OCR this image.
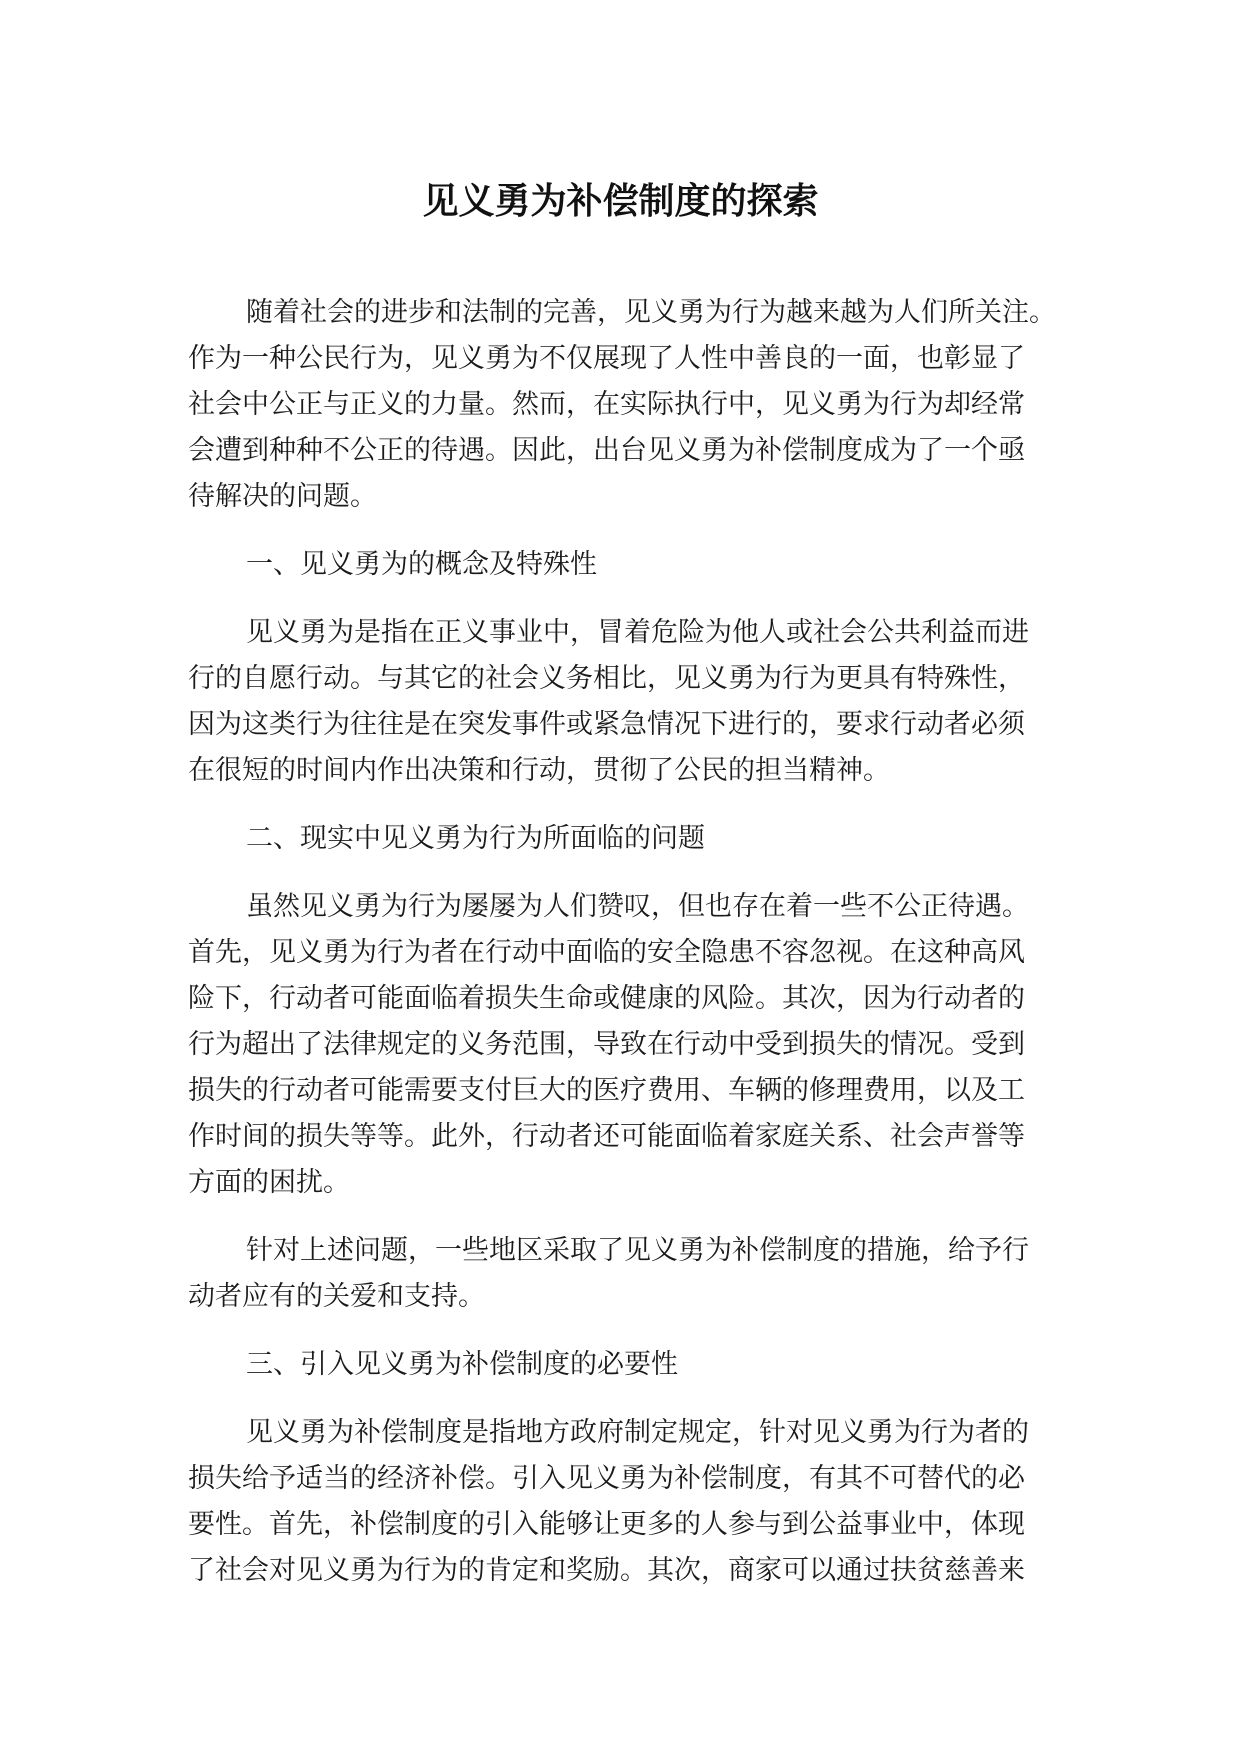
见义勇为补偿制度的探索
随着社会的进步和法制的完善，见义勇为行为越来越为人们所关注。
作为一种公民行为，见义勇为不仅展现了人性中善良的一面，也彰显了
社会中公正与正义的力量。然而，在实际执行中，见义勇为行为却经常
会遭到种种不公正的待遇。因此，出台见义勇为补偿制度成为了一个亟
待解决的问题。
一、见义勇为的概念及特殊性
见义勇为是指在正义事业中，冒着危险为他人或社会公共利益而进
行的自愿行动。与其它的社会义务相比，见义勇为行为更具有特殊性，
因为这类行为往往是在突发事件或紧急情况下进行的，要求行动者必须
在很短的时间内作出决策和行动，贯彻了公民的担当精神。
二、现实中见义勇为行为所面临的问题
虽然见义勇为行为屡屡为人们赞叹，但也存在着一些不公正待遇。
首先，见义勇为行为者在行动中面临的安全隐患不容忽视。在这种高风
险下，行动者可能面临着损失生命或健康的风险。其次，因为行动者的
行为超出了法律规定的义务范围，导致在行动中受到损失的情况。受到
损失的行动者可能需要支付巨大的医疗费用、车辆的修理费用，以及工
作时间的损失等等。此外，行动者还可能面临着家庭关系、社会声誉等
方面的困扰。
针对上述问题，一些地区采取了见义勇为补偿制度的措施，给予行
动者应有的关爱和支持。
三、引入见义勇为补偿制度的必要性
见义勇为补偿制度是指地方政府制定规定，针对见义勇为行为者的
损失给予适当的经济补偿。引入见义勇为补偿制度，有其不可替代的必
要性。首先，补偿制度的引入能够让更多的人参与到公益事业中，体现
了社会对见义勇为行为的肯定和奖励。其次，商家可以通过扶贫慈善来
